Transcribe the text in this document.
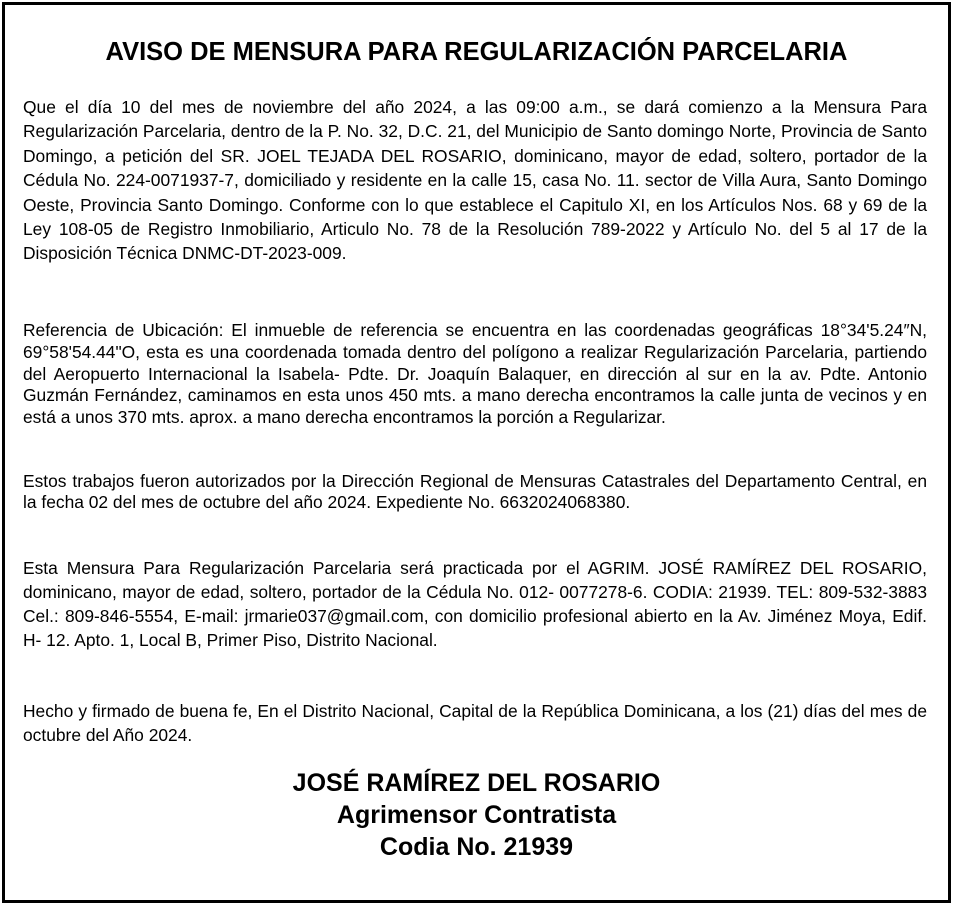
AVISO DE MENSURA PARA REGULARIZACIÓN PARCELARIA

Que el día 10 del mes de noviembre del año 2024, a las 09:00 a.m., se dará comienzo a la Mensura Para Regularización Parcelaria, dentro de la P. No. 32, D.C. 21, del Municipio de Santo domingo Norte, Provincia de Santo Domingo, a petición del SR. JOEL TEJADA DEL ROSARIO, dominicano, mayor de edad, soltero, portador de la Cédula No. 224-0071937-7, domiciliado y residente en la calle 15, casa No. 11. sector de Villa Aura, Santo Domingo Oeste, Provincia Santo Domingo. Conforme con lo que establece el Capitulo XI, en los Artículos Nos. 68 y 69 de la Ley 108-05 de Registro Inmobiliario, Articulo No. 78 de la Resolución 789-2022 y Artículo No. del 5 al 17 de la Disposición Técnica DNMC-DT-2023-009.

Referencia de Ubicación: El inmueble de referencia se encuentra en las coordenadas geográficas 18°34'5.24″N, 69°58'54.44"O, esta es una coordenada tomada dentro del polígono a realizar Regularización Parcelaria, partiendo del Aeropuerto Internacional la Isabela- Pdte. Dr. Joaquín Balaquer, en dirección al sur en la av. Pdte. Antonio Guzmán Fernández, caminamos en esta unos 450 mts. a mano derecha encontramos la calle junta de vecinos y en está a unos 370 mts. aprox. a mano derecha encontramos la porción a Regularizar.

Estos trabajos fueron autorizados por la Dirección Regional de Mensuras Catastrales del Departamento Central, en la fecha 02 del mes de octubre del año 2024. Expediente No. 6632024068380.

Esta Mensura Para Regularización Parcelaria será practicada por el AGRIM. JOSÉ RAMÍREZ DEL ROSARIO, dominicano, mayor de edad, soltero, portador de la Cédula No. 012- 0077278-6. CODIA: 21939. TEL: 809-532-3883 Cel.: 809-846-5554, E-mail: jrmarie037@gmail.com, con domicilio profesional abierto en la Av. Jiménez Moya, Edif. H- 12. Apto. 1, Local B, Primer Piso, Distrito Nacional.

Hecho y firmado de buena fe, En el Distrito Nacional, Capital de la República Dominicana, a los (21) días del mes de octubre del Año 2024.

JOSÉ RAMÍREZ DEL ROSARIO
Agrimensor Contratista
Codia No. 21939
